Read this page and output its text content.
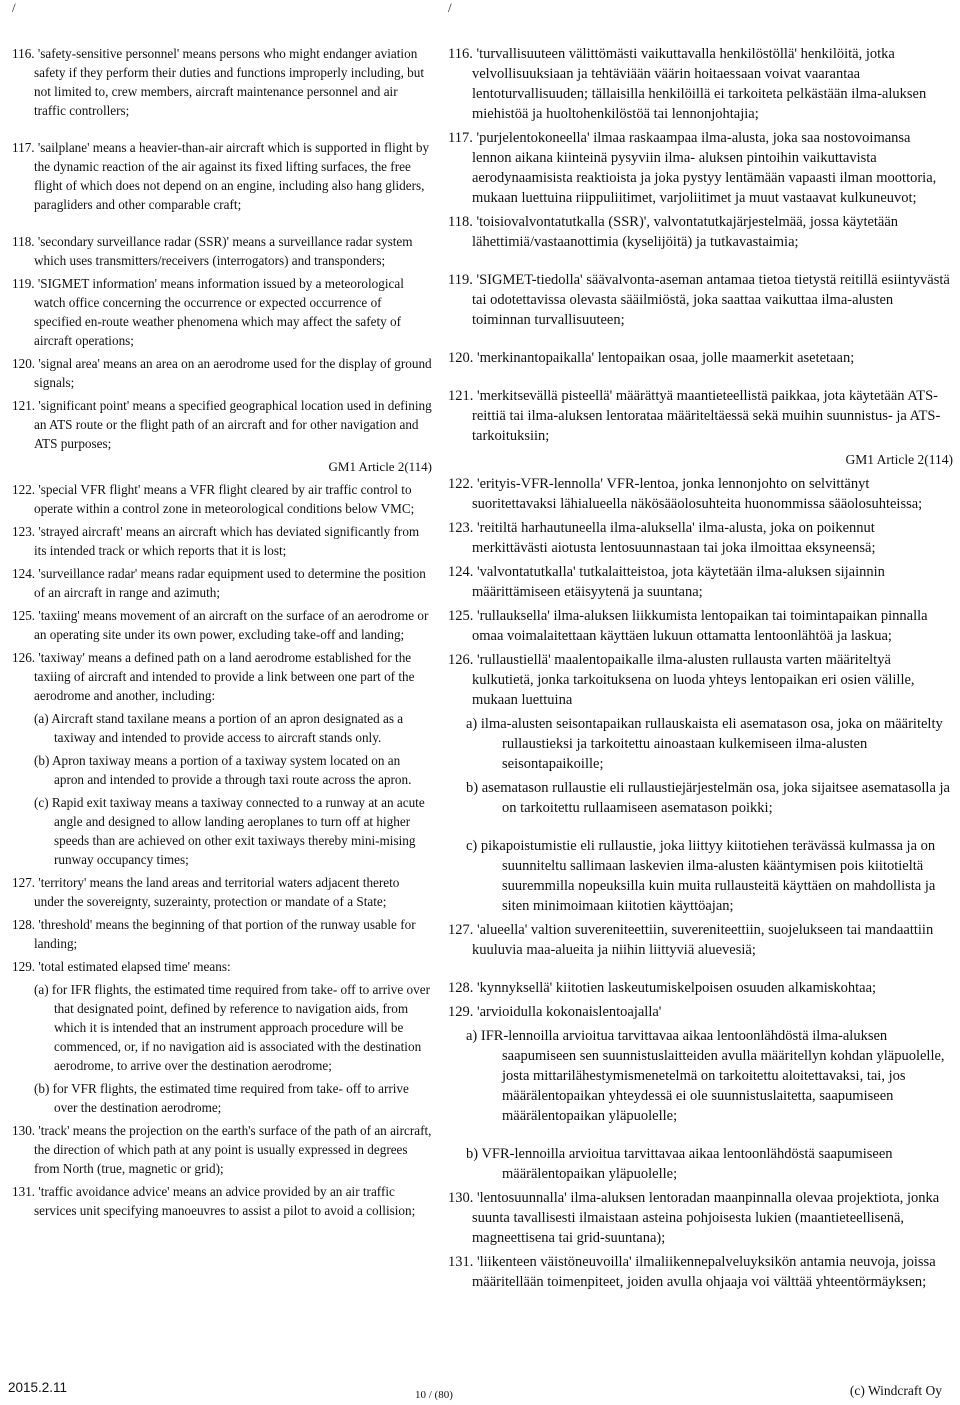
/	/

116. 'safety-sensitive personnel' means persons who might endanger aviation safety if they perform their duties and functions improperly including, but not limited to, crew members, aircraft maintenance personnel and air traffic controllers;

117. 'sailplane' means a heavier-than-air aircraft which is supported in flight by the dynamic reaction of the air against its fixed lifting surfaces, the free flight of which does not depend on an engine, including also hang gliders, paragliders and other comparable craft;

118. 'secondary surveillance radar (SSR)' means a surveillance radar system which uses transmitters/receivers (interrogators) and transponders;

119. 'SIGMET information' means information issued by a meteorological watch office concerning the occurrence or expected occurrence of specified en-route weather phenomena which may affect the safety of aircraft operations;

120. 'signal area' means an area on an aerodrome used for the display of ground signals;

121. 'significant point' means a specified geographical location used in defining an ATS route or the flight path of an aircraft and for other navigation and ATS purposes;

GM1 Article 2(114)

122. 'special VFR flight' means a VFR flight cleared by air traffic control to operate within a control zone in meteorological conditions below VMC;

123. 'strayed aircraft' means an aircraft which has deviated significantly from its intended track or which reports that it is lost;

124. 'surveillance radar' means radar equipment used to determine the position of an aircraft in range and azimuth;

125. 'taxiing' means movement of an aircraft on the surface of an aerodrome or an operating site under its own power, excluding take-off and landing;

126. 'taxiway' means a defined path on a land aerodrome established for the taxiing of aircraft and intended to provide a link between one part of the aerodrome and another, including:

(a) Aircraft stand taxilane means a portion of an apron designated as a taxiway and intended to provide access to aircraft stands only.

(b) Apron taxiway means a portion of a taxiway system located on an apron and intended to provide a through taxi route across the apron.

(c) Rapid exit taxiway means a taxiway connected to a runway at an acute angle and designed to allow landing aeroplanes to turn off at higher speeds than are achieved on other exit taxiways thereby mini-mising runway occupancy times;

127. 'territory' means the land areas and territorial waters adjacent thereto under the sovereignty, suzerainty, protection or mandate of a State;

128. 'threshold' means the beginning of that portion of the runway usable for landing;

129. 'total estimated elapsed time' means:

(a) for IFR flights, the estimated time required from take- off to arrive over that designated point, defined by reference to navigation aids, from which it is intended that an instrument approach procedure will be commenced, or, if no navigation aid is associated with the destination aerodrome, to arrive over the destination aerodrome;

(b) for VFR flights, the estimated time required from take- off to arrive over the destination aerodrome;

130. 'track' means the projection on the earth's surface of the path of an aircraft, the direction of which path at any point is usually expressed in degrees from North (true, magnetic or grid);

131. 'traffic avoidance advice' means an advice provided by an air traffic services unit specifying manoeuvres to assist a pilot to avoid a collision;

116. 'turvallisuuteen välittömästi vaikuttavalla henkilöstöllä' henkilöitä, jotka velvollisuuksiaan ja tehtäviään väärin hoitaessaan voivat vaarantaa lentoturvallisuuden; tällaisilla henkilöillä ei tarkoiteta pelkästään ilma-aluksen miehistöä ja huoltohenkilöstöä tai lennonjohtajia;

117. 'purjelentokoneella' ilmaa raskaampaa ilma-alusta, joka saa nostovoimansa lennon aikana kiinteinä pysyviin ilma- aluksen pintoihin vaikuttavista aerodynaamisista reaktioista ja joka pystyy lentämään vapaasti ilman moottoria, mukaan luettuina riippuliitimet, varjoliitimet ja muut vastaavat kulkuneuvot;

118. 'toisiovalvontatutkalla (SSR)', valvontatutkajärjestelmää, jossa käytetään lähettimiä/vastaanottimia (kyselijöitä) ja tutkavastaimia;

119. 'SIGMET-tiedolla' säävalvonta-aseman antamaa tietoa tietystä reitillä esiintyvästä tai odotettavissa olevasta sääilmiöstä, joka saattaa vaikuttaa ilma-alusten toiminnan turvallisuuteen;

120. 'merkinantopaikalla' lentopaikan osaa, jolle maamerkit asetetaan;

121. 'merkitsevällä pisteellä' määrättyä maantieteellistä paikkaa, jota käytetään ATS-reittiä tai ilma-aluksen lentorataa määriteltäessä sekä muihin suunnistus- ja ATS-tarkoituksiin;

GM1 Article 2(114)

122. 'erityis-VFR-lennolla' VFR-lentoa, jonka lennonjohto on selvittänyt suoritettavaksi lähialueella näkösääolosuhteita huonommissa sääolosuhteissa;

123. 'reitiltä harhautuneella ilma-aluksella' ilma-alusta, joka on poikennut merkittävästi aiotusta lentosuunnastaan tai joka ilmoittaa eksyneensä;

124. 'valvontatutkalla' tutkalaitteistoa, jota käytetään ilma-aluksen sijainnin määrittämiseen etäisyytenä ja suuntana;

125. 'rullauksella' ilma-aluksen liikkumista lentopaikan tai toimintapaikan pinnalla omaa voimalaitettaan käyttäen lukuun ottamatta lentoonlähtöä ja laskua;

126. 'rullaustiellä' maalentopaikalle ilma-alusten rullausta varten määriteltyä kulkutietä, jonka tarkoituksena on luoda yhteys lentopaikan eri osien välille, mukaan luettuina

a) ilma-alusten seisontapaikan rullauskaista eli asematason osa, joka on määritelty rullaustieksi ja tarkoitettu ainoastaan kulkemiseen ilma-alusten seisontapaikoille;

b) asematason rullaustie eli rullaustiejärjestelmän osa, joka sijaitsee asematasolla ja on tarkoitettu rullaamiseen asematason poikki;

c) pikapoistumistie eli rullaustie, joka liittyy kiitotiehen terävässä kulmassa ja on suunniteltu sallimaan laskevien ilma-alusten kääntymisen pois kiitotieltä suuremmilla nopeuksilla kuin muita rullausteitä käyttäen on mahdollista ja siten minimoimaan kiitotien käyttöajan;

127. 'alueella' valtion suvereniteettiin, suvereniteettiin, suojelukseen tai mandaattiin kuuluvia maa-alueita ja niihin liittyviä aluevesiä;

128. 'kynnyksellä' kiitotien laskeutumiskelpoisen osuuden alkamiskohtaa;

129. 'arvioidulla kokonaislentoajalla'

a) IFR-lennoilla arvioitua tarvittavaa aikaa lentoonlähdöstä ilma-aluksen saapumiseen sen suunnistuslaitteiden avulla määritellyn kohdan yläpuolelle, josta mittarilähestymismenetelmä on tarkoitettu aloitettavaksi, tai, jos määrälentopaikan yhteydessä ei ole suunnistuslaitetta, saapumiseen määrälentopaikan yläpuolelle;

b) VFR-lennoilla arvioitua tarvittavaa aikaa lentoonlähdöstä saapumiseen määrälentopaikan yläpuolelle;

130. 'lentosuunnalla' ilma-aluksen lentoradan maanpinnalla olevaa projektiota, jonka suunta tavallisesti ilmaistaan asteina pohjoisesta lukien (maantieteellisenä, magneettisena tai grid-suuntana);

131. 'liikenteen väistöneuvoilla' ilmaliikennepalveluyksikön antamia neuvoja, joissa määritellään toimenpiteet, joiden avulla ohjaaja voi välttää yhteentörmäyksen;

2015.2.11	10 / (80)	(c) Windcraft Oy
